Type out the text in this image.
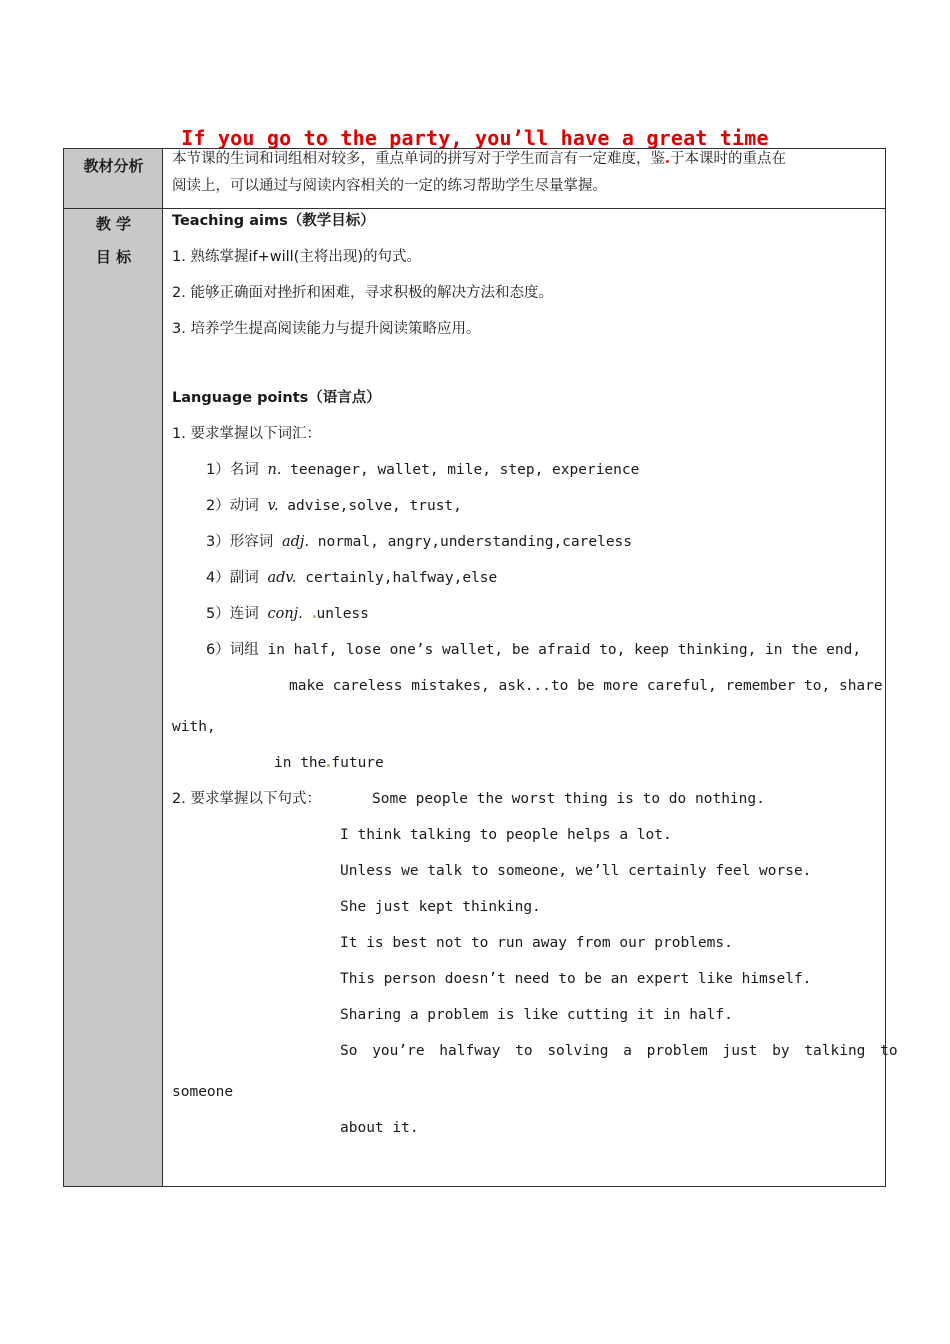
If you go to the party, you’ll have a great time
教材分析	本节课的生词和词组相对较多，重点单词的拼写对于学生而言有一定难度，鉴 于本课时的重点在
阅读上，可以通过与阅读内容相关的一定的练习帮助学生尽量掌握。
教 学
目 标
Teaching aims（教学目标）
1. 熟练掌握if+will(主将出现)的句式。
2. 能够正确面对挫折和困难，寻求积极的解决方法和态度。
3. 培养学生提高阅读能力与提升阅读策略应用。
Language points（语言点）
1. 要求掌握以下词汇：
1）名词 n. teenager, wallet, mile, step, experience
2）动词 v. advise,solve, trust,
3）形容词 adj. normal, angry,understanding,careless
4）副词 adv. certainly,halfway,else
5）连词 conj. unless
6）词组 in half, lose one’s wallet, be afraid to, keep thinking, in the end,
make careless mistakes, ask...to be more careful, remember to, share
with,
in the future
2. 要求掌握以下句式：	Some people the worst thing is to do nothing.
I think talking to people helps a lot.
Unless we talk to someone, we’ll certainly feel worse.
She just kept thinking.
It is best not to run away from our problems.
This person doesn’t need to be an expert like himself.
Sharing a problem is like cutting it in half.
So you’re halfway to solving a problem just by talking to
someone
about it.
